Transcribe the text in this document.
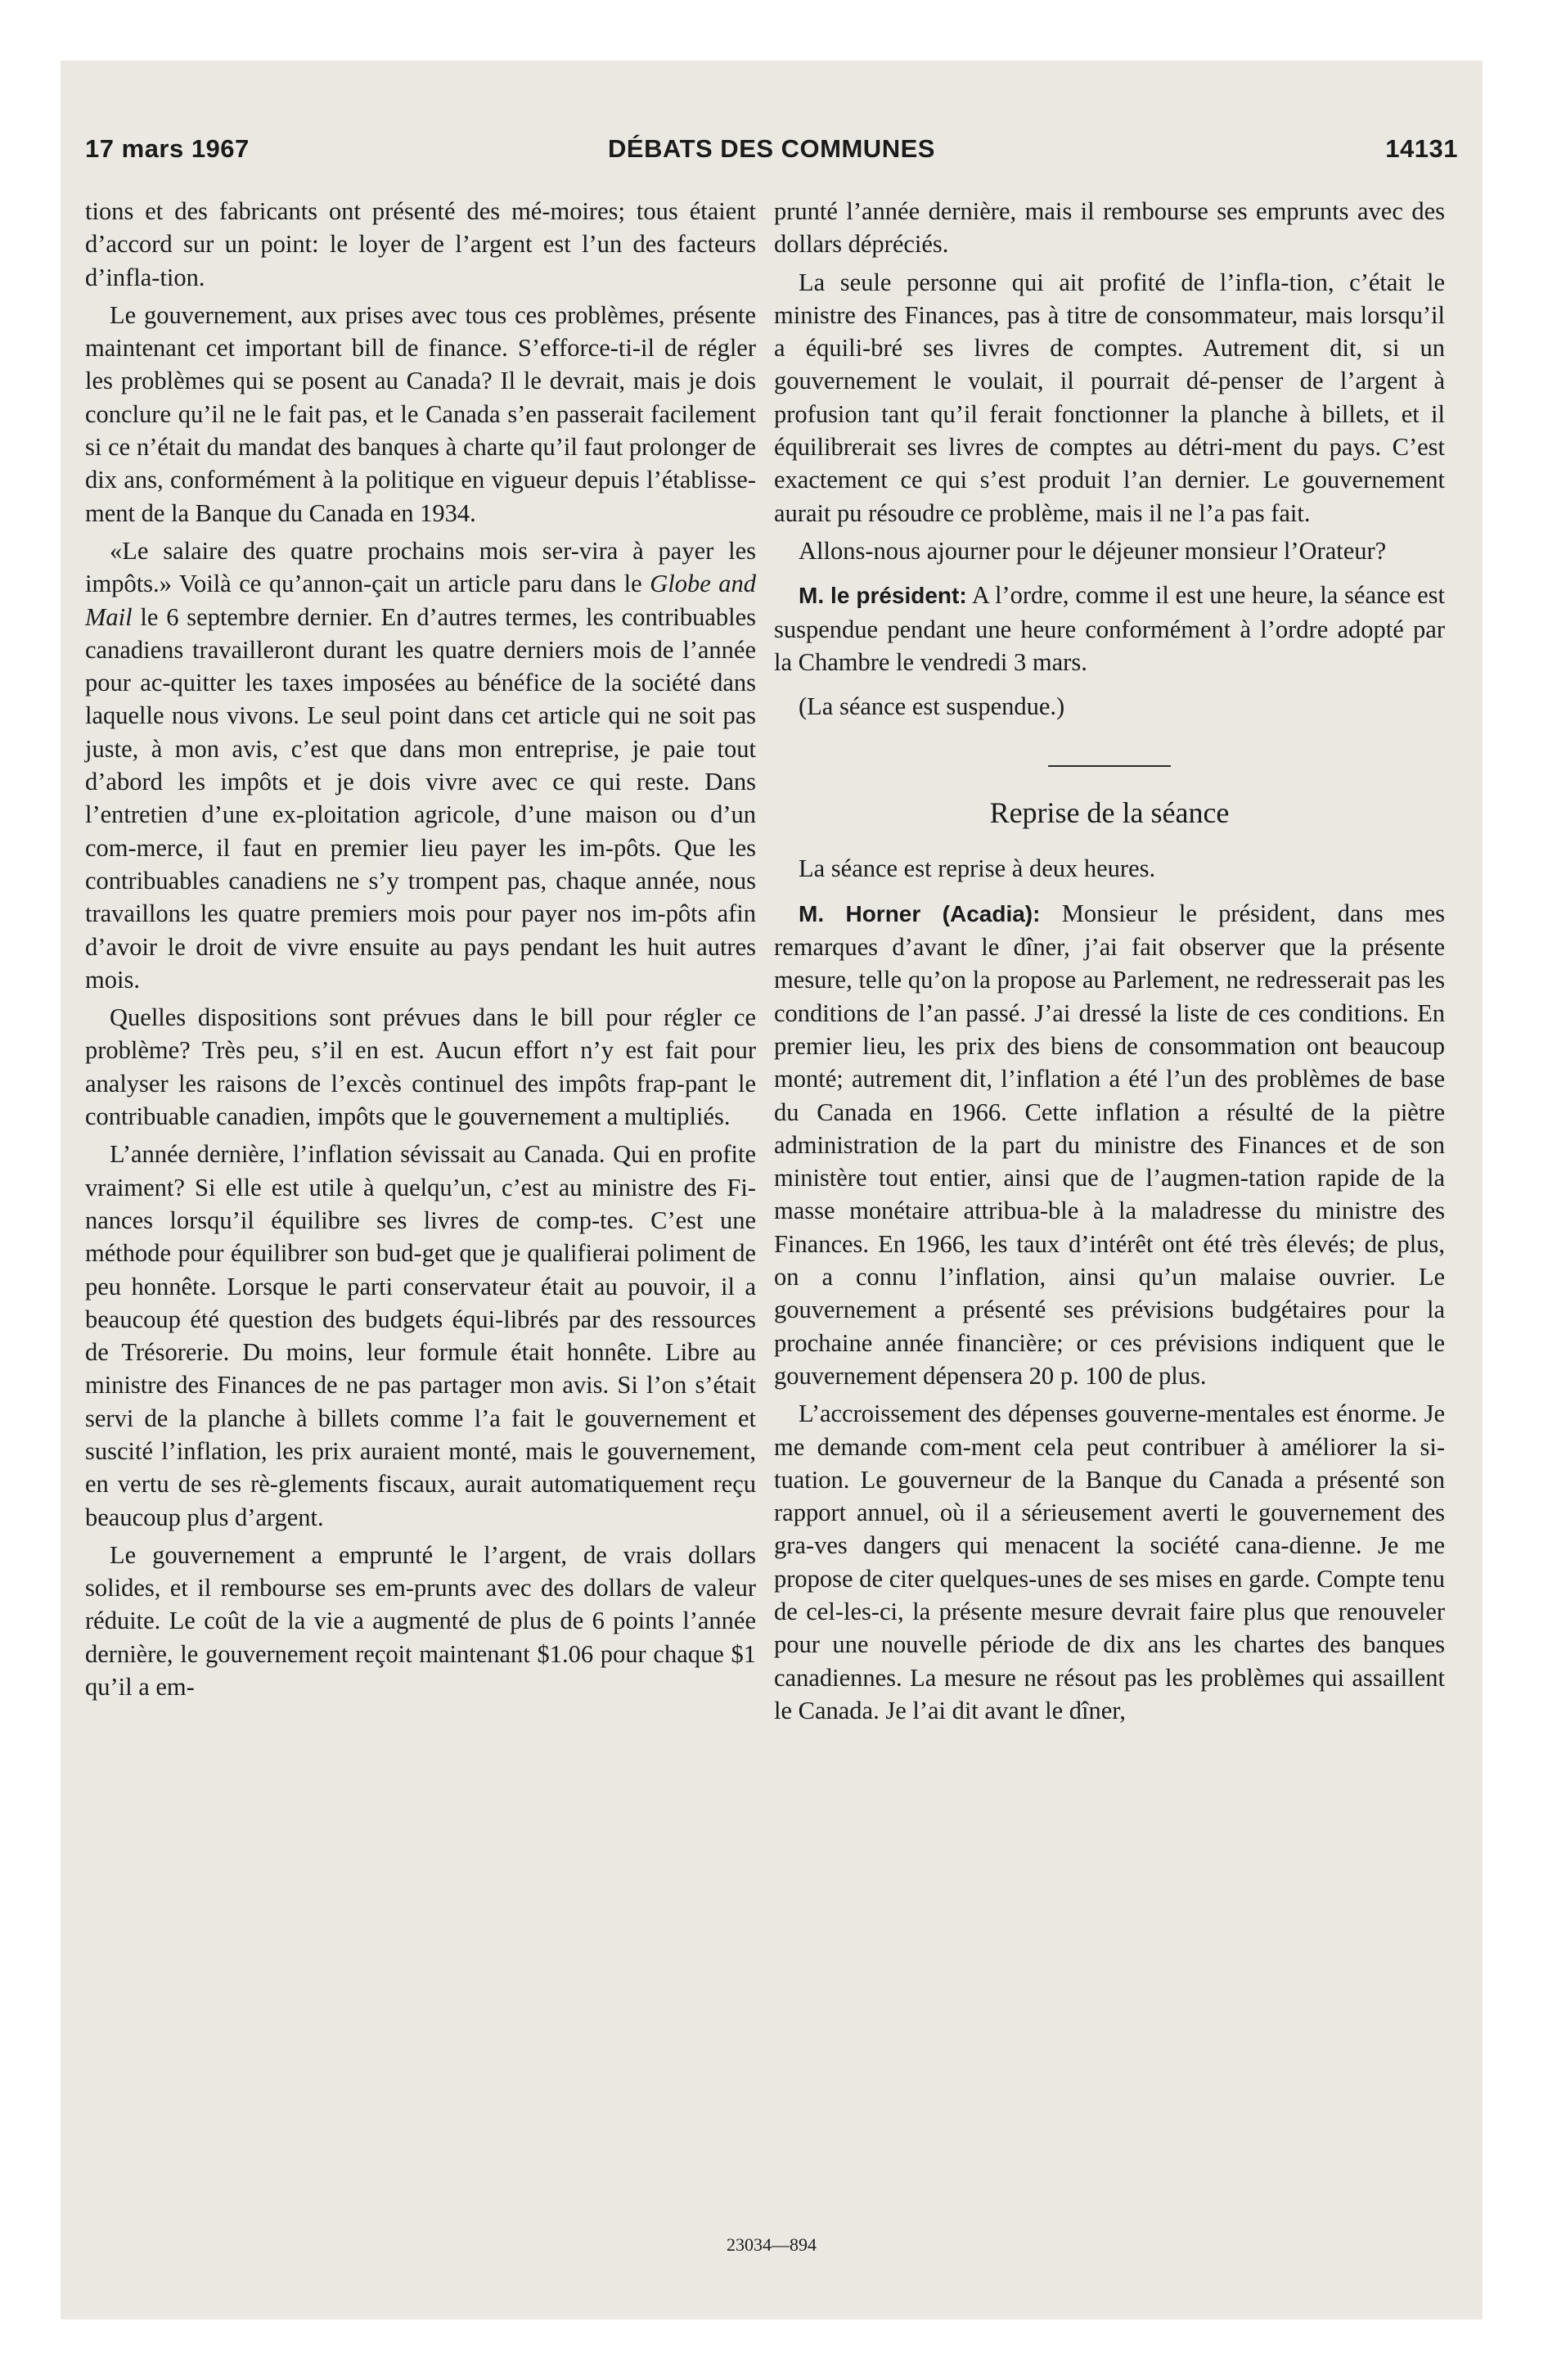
17 mars 1967	DÉBATS DES COMMUNES	14131

tions et des fabricants ont présenté des mé-moires; tous étaient d’accord sur un point: le loyer de l’argent est l’un des facteurs d’infla-tion.

Le gouvernement, aux prises avec tous ces problèmes, présente maintenant cet important bill de finance. S’efforce-ti-il de régler les problèmes qui se posent au Canada? Il le devrait, mais je dois conclure qu’il ne le fait pas, et le Canada s’en passerait facilement si ce n’était du mandat des banques à charte qu’il faut prolonger de dix ans, conformément à la politique en vigueur depuis l’établisse-ment de la Banque du Canada en 1934.

«Le salaire des quatre prochains mois ser-vira à payer les impôts.» Voilà ce qu’annon-çait un article paru dans le Globe and Mail le 6 septembre dernier. En d’autres termes, les contribuables canadiens travailleront durant les quatre derniers mois de l’année pour ac-quitter les taxes imposées au bénéfice de la société dans laquelle nous vivons. Le seul point dans cet article qui ne soit pas juste, à mon avis, c’est que dans mon entreprise, je paie tout d’abord les impôts et je dois vivre avec ce qui reste. Dans l’entretien d’une ex-ploitation agricole, d’une maison ou d’un com-merce, il faut en premier lieu payer les im-pôts. Que les contribuables canadiens ne s’y trompent pas, chaque année, nous travaillons les quatre premiers mois pour payer nos im-pôts afin d’avoir le droit de vivre ensuite au pays pendant les huit autres mois.

Quelles dispositions sont prévues dans le bill pour régler ce problème? Très peu, s’il en est. Aucun effort n’y est fait pour analyser les raisons de l’excès continuel des impôts frap-pant le contribuable canadien, impôts que le gouvernement a multipliés.

L’année dernière, l’inflation sévissait au Canada. Qui en profite vraiment? Si elle est utile à quelqu’un, c’est au ministre des Fi-nances lorsqu’il équilibre ses livres de comp-tes. C’est une méthode pour équilibrer son bud-get que je qualifierai poliment de peu honnête. Lorsque le parti conservateur était au pouvoir, il a beaucoup été question des budgets équi-librés par des ressources de Trésorerie. Du moins, leur formule était honnête. Libre au ministre des Finances de ne pas partager mon avis. Si l’on s’était servi de la planche à billets comme l’a fait le gouvernement et suscité l’inflation, les prix auraient monté, mais le gouvernement, en vertu de ses rè-glements fiscaux, aurait automatiquement reçu beaucoup plus d’argent.

Le gouvernement a emprunté le l’argent, de vrais dollars solides, et il rembourse ses em-prunts avec des dollars de valeur réduite. Le coût de la vie a augmenté de plus de 6 points l’année dernière, le gouvernement reçoit maintenant $1.06 pour chaque $1 qu’il a em-

prunté l’année dernière, mais il rembourse ses emprunts avec des dollars dépréciés.

La seule personne qui ait profité de l’infla-tion, c’était le ministre des Finances, pas à titre de consommateur, mais lorsqu’il a équili-bré ses livres de comptes. Autrement dit, si un gouvernement le voulait, il pourrait dé-penser de l’argent à profusion tant qu’il ferait fonctionner la planche à billets, et il équilibrerait ses livres de comptes au détri-ment du pays. C’est exactement ce qui s’est produit l’an dernier. Le gouvernement aurait pu résoudre ce problème, mais il ne l’a pas fait.

Allons-nous ajourner pour le déjeuner monsieur l’Orateur?

M. le président: A l’ordre, comme il est une heure, la séance est suspendue pendant une heure conformément à l’ordre adopté par la Chambre le vendredi 3 mars.

(La séance est suspendue.)

Reprise de la séance

La séance est reprise à deux heures.

M. Horner (Acadia): Monsieur le président, dans mes remarques d’avant le dîner, j’ai fait observer que la présente mesure, telle qu’on la propose au Parlement, ne redresserait pas les conditions de l’an passé. J’ai dressé la liste de ces conditions. En premier lieu, les prix des biens de consommation ont beaucoup monté; autrement dit, l’inflation a été l’un des problèmes de base du Canada en 1966. Cette inflation a résulté de la piètre administration de la part du ministre des Finances et de son ministère tout entier, ainsi que de l’augmen-tation rapide de la masse monétaire attribua-ble à la maladresse du ministre des Finances. En 1966, les taux d’intérêt ont été très élevés; de plus, on a connu l’inflation, ainsi qu’un malaise ouvrier. Le gouvernement a présenté ses prévisions budgétaires pour la prochaine année financière; or ces prévisions indiquent que le gouvernement dépensera 20 p. 100 de plus.

L’accroissement des dépenses gouverne-mentales est énorme. Je me demande com-ment cela peut contribuer à améliorer la si-tuation. Le gouverneur de la Banque du Canada a présenté son rapport annuel, où il a sérieusement averti le gouvernement des gra-ves dangers qui menacent la société cana-dienne. Je me propose de citer quelques-unes de ses mises en garde. Compte tenu de cel-les-ci, la présente mesure devrait faire plus que renouveler pour une nouvelle période de dix ans les chartes des banques canadiennes. La mesure ne résout pas les problèmes qui assaillent le Canada. Je l’ai dit avant le dîner,

23034—894
